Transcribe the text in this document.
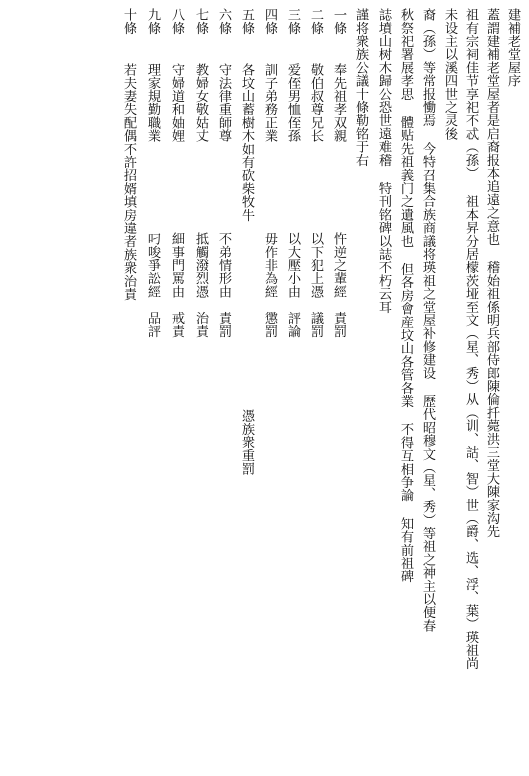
建補老堂屋序

蓋謂建補老堂屋者是启裔报本追遠之意也 稽始祖係明兵部侍郎陳倫扦薨洪三堂大陳家沟先

祖有宗祠佳节享祀不忒（孫） 祖本昇分居檬茨垭至文（星、秀）从（训、詁、智）世（爵、选、浮、葉）瑛祖尚

未设主以溪四世之灵後

裔（孫）等常报慟焉 今特召集合族商議将瑛祖之堂屋补修建设 歷代昭穆文（星、秀）等祖之神主以便春

秋祭祀署展孝思 體贴先祖義门之遺風也 但各房會産坟山各管各業 不得互相争論 知有前祖碑

誌墳山树木歸公恐世遠难稽 特刊铭碑以誌不朽云耳

謹将衆族公議十條勒铭于右

一條

奉先祖孝双親

忤逆之輩經　責罰

二條

敬伯叔尊兄长

以下犯上憑　議罰

三條

爱侄男恤侄孫

以大壓小由　評論

四條

訓子弟務正業

毋作非為經　懲罰

五條

各坟山蓄樹木如有砍柴牧牛

憑族衆重罰

六條

守法律重師尊

不弟情形由　責罰

七條

教婦女敬姑丈

抵觸潑烈憑　治責

八條

守婦道和妯娌

細事門罵由　戒責

九條

理家規勤職業

叼唆爭訟經　品評

十條

若夫妻失配偶不許招婿填房違者族衆治責
